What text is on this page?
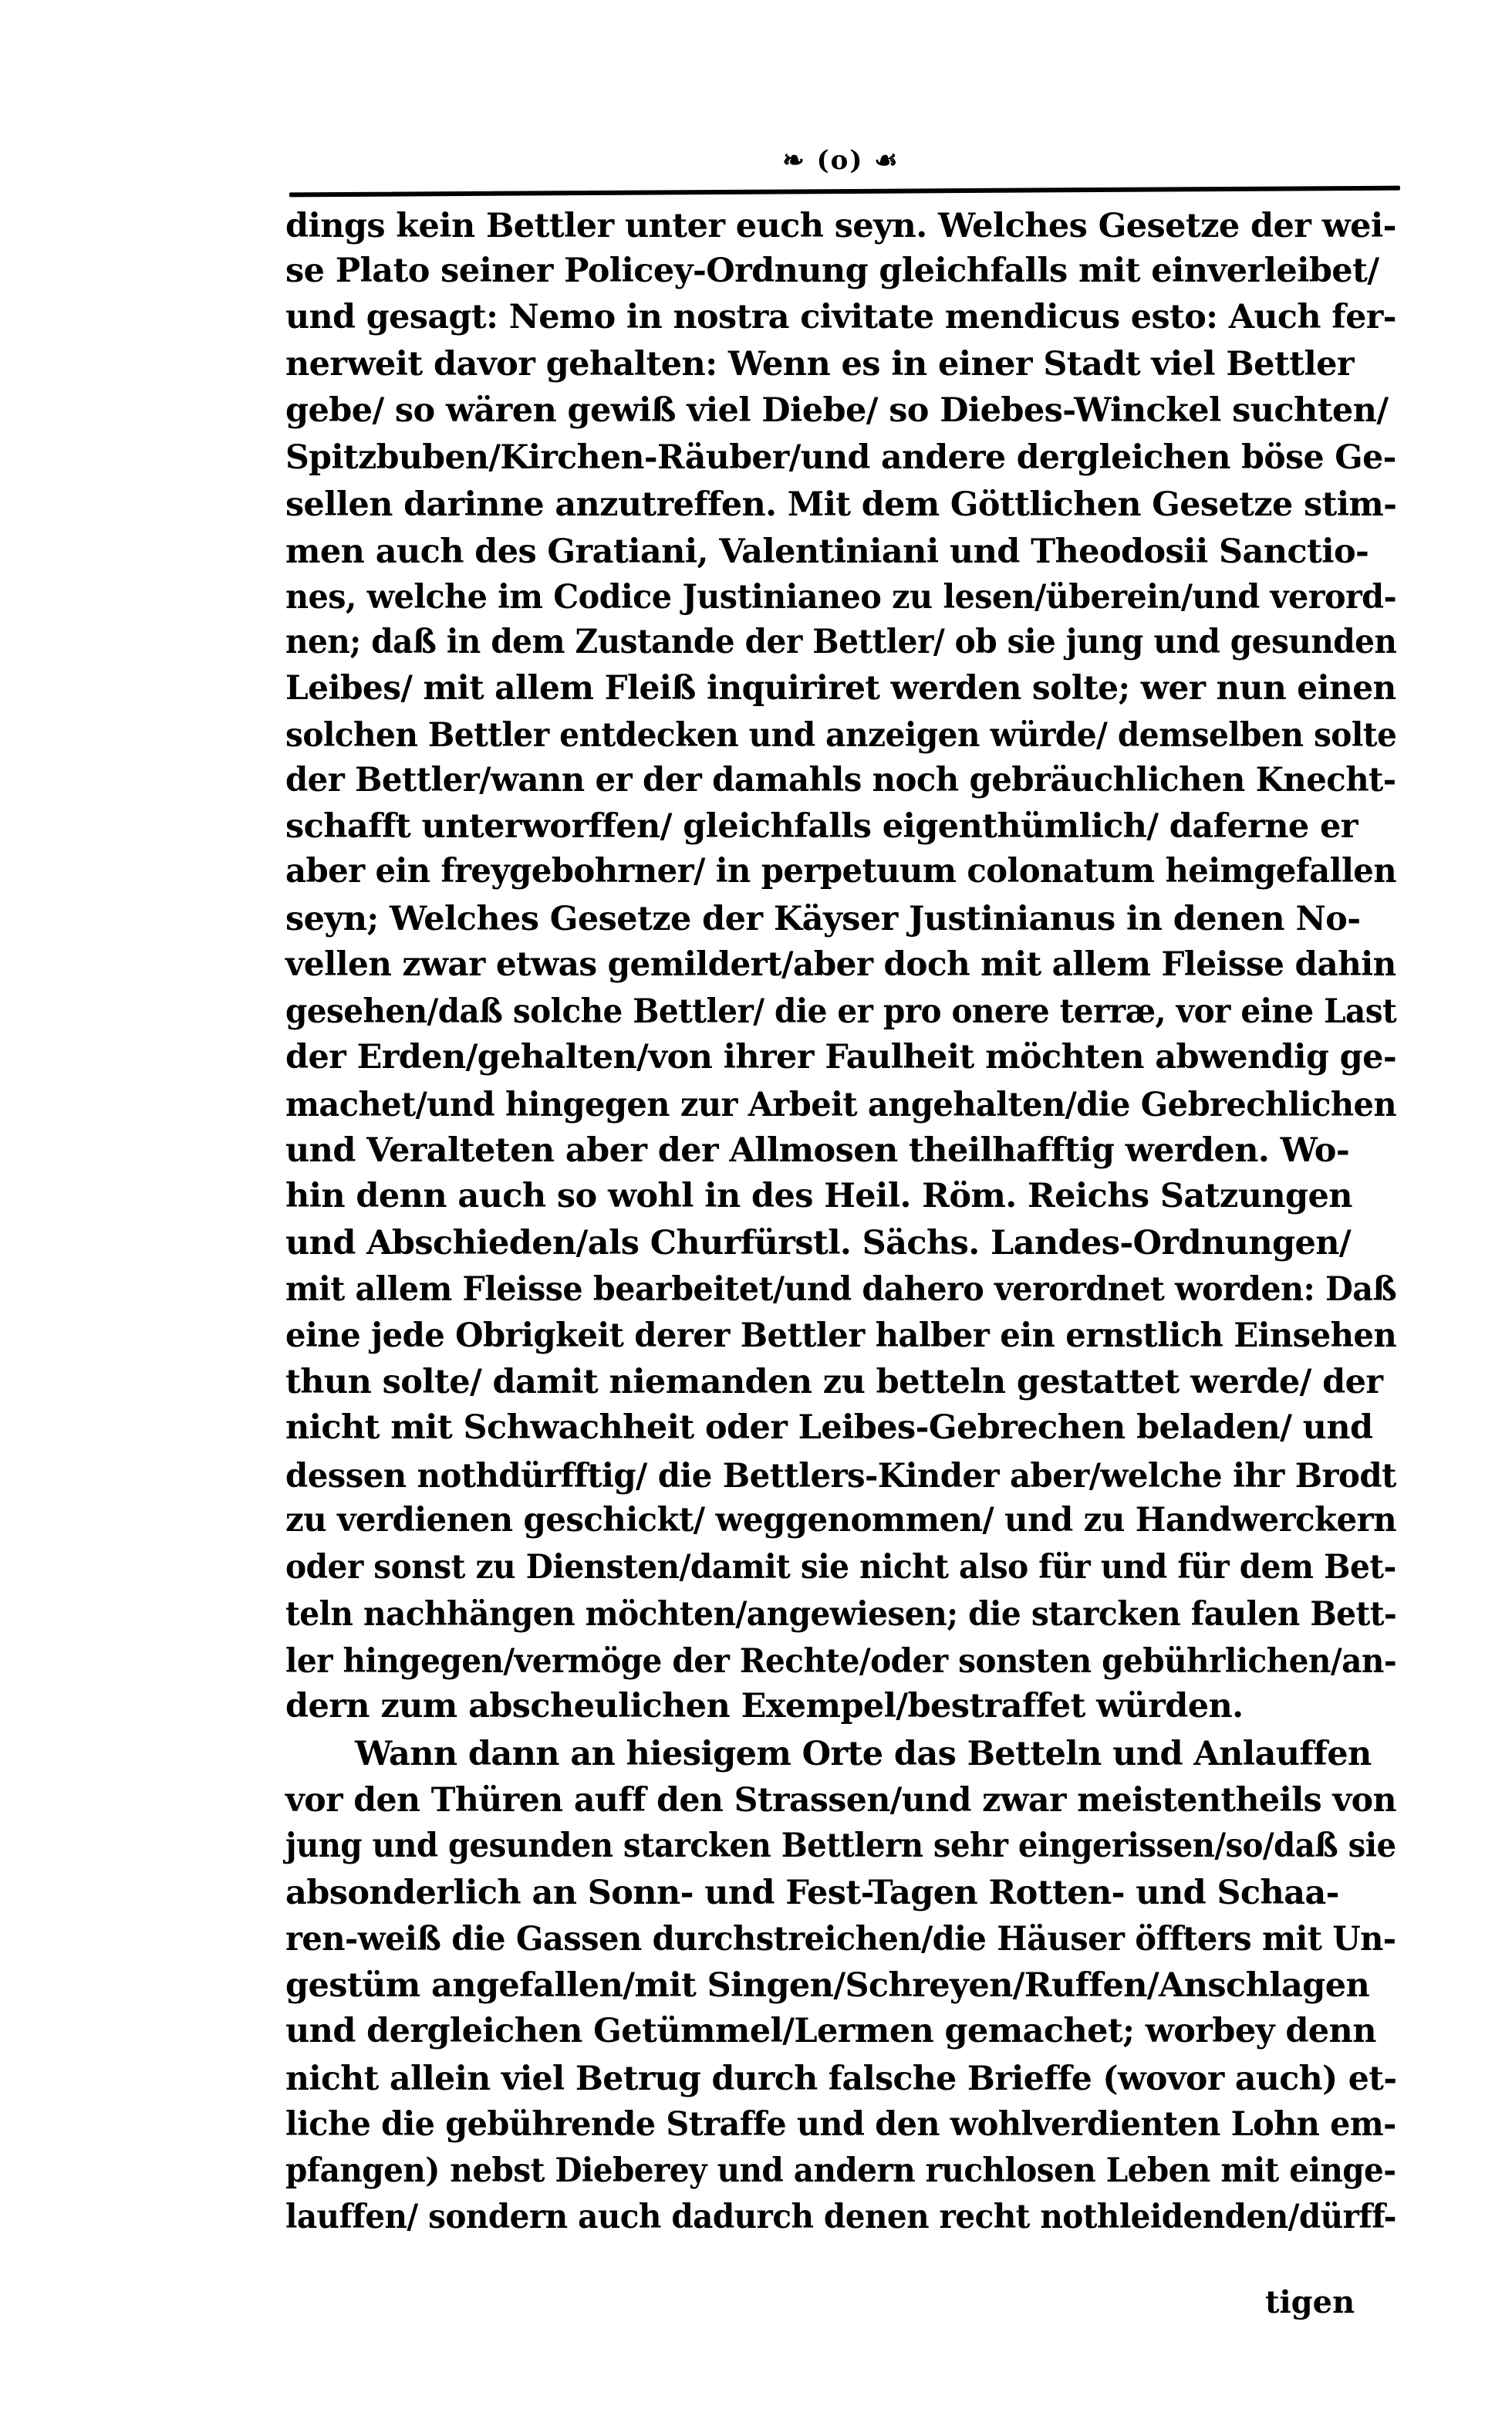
❧ (o) ☙
dings kein Bettler unter euch seyn. Welches Gesetze der wei-
se Plato seiner Policey-Ordnung gleichfalls mit einverleibet/
und gesagt: Nemo in nostra civitate mendicus esto: Auch fer-
nerweit davor gehalten: Wenn es in einer Stadt viel Bettler
gebe/ so wären gewiß viel Diebe/ so Diebes-Winckel suchten/
Spitzbuben/Kirchen-Räuber/und andere dergleichen böse Ge-
sellen darinne anzutreffen. Mit dem Göttlichen Gesetze stim-
men auch des Gratiani, Valentiniani und Theodosii Sanctio-
nes, welche im Codice Justinianeo zu lesen/überein/und verord-
nen; daß in dem Zustande der Bettler/ ob sie jung und gesunden
Leibes/ mit allem Fleiß inquiriret werden solte; wer nun einen
solchen Bettler entdecken und anzeigen würde/ demselben solte
der Bettler/wann er der damahls noch gebräuchlichen Knecht-
schafft unterworffen/ gleichfalls eigenthümlich/ daferne er
aber ein freygebohrner/ in perpetuum colonatum heimgefallen
seyn; Welches Gesetze der Käyser Justinianus in denen No-
vellen zwar etwas gemildert/aber doch mit allem Fleisse dahin
gesehen/daß solche Bettler/ die er pro onere terræ, vor eine Last
der Erden/gehalten/von ihrer Faulheit möchten abwendig ge-
machet/und hingegen zur Arbeit angehalten/die Gebrechlichen
und Veralteten aber der Allmosen theilhafftig werden. Wo-
hin denn auch so wohl in des Heil. Röm. Reichs Satzungen
und Abschieden/als Churfürstl. Sächs. Landes-Ordnungen/
mit allem Fleisse bearbeitet/und dahero verordnet worden: Daß
eine jede Obrigkeit derer Bettler halber ein ernstlich Einsehen
thun solte/ damit niemanden zu betteln gestattet werde/ der
nicht mit Schwachheit oder Leibes-Gebrechen beladen/ und
dessen nothdürfftig/ die Bettlers-Kinder aber/welche ihr Brodt
zu verdienen geschickt/ weggenommen/ und zu Handwerckern
oder sonst zu Diensten/damit sie nicht also für und für dem Bet-
teln nachhängen möchten/angewiesen; die starcken faulen Bett-
ler hingegen/vermöge der Rechte/oder sonsten gebührlichen/an-
dern zum abscheulichen Exempel/bestraffet würden.
Wann dann an hiesigem Orte das Betteln und Anlauffen
vor den Thüren auff den Strassen/und zwar meistentheils von
jung und gesunden starcken Bettlern sehr eingerissen/so/daß sie
absonderlich an Sonn- und Fest-Tagen Rotten- und Schaa-
ren-weiß die Gassen durchstreichen/die Häuser öffters mit Un-
gestüm angefallen/mit Singen/Schreyen/Ruffen/Anschlagen
und dergleichen Getümmel/Lermen gemachet; worbey denn
nicht allein viel Betrug durch falsche Brieffe (wovor auch) et-
liche die gebührende Straffe und den wohlverdienten Lohn em-
pfangen) nebst Dieberey und andern ruchlosen Leben mit einge-
lauffen/ sondern auch dadurch denen recht nothleidenden/dürff-
tigen
